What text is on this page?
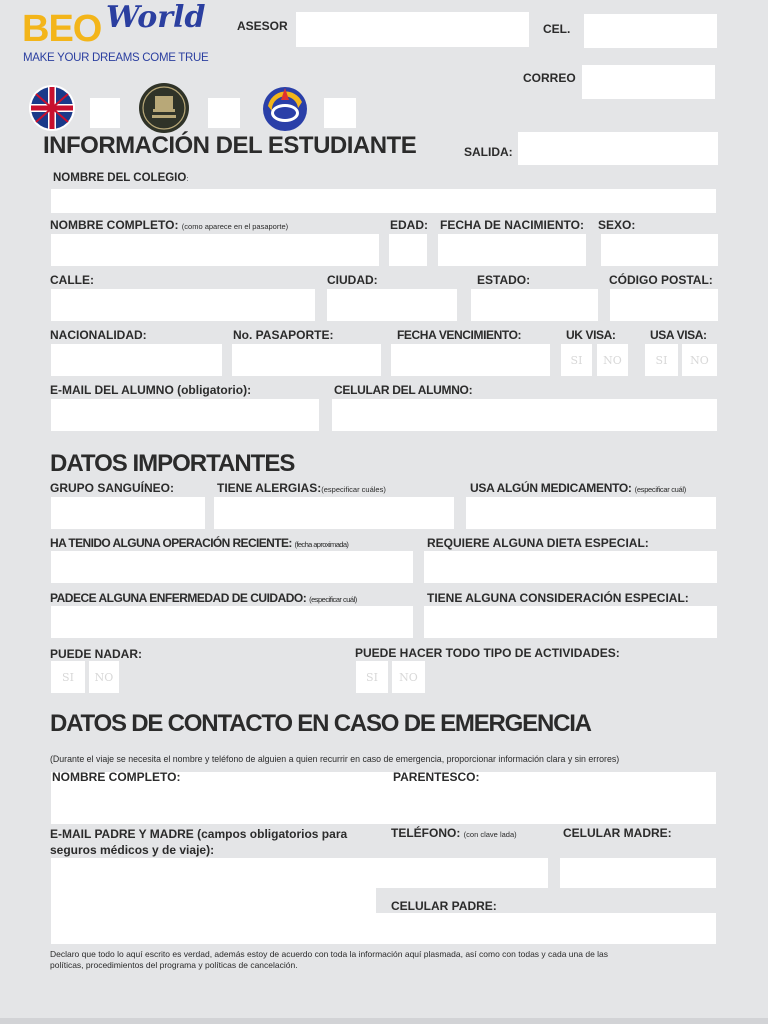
BEO World
MAKE YOUR DREAMS COME TRUE
ASESOR	CEL.
CORREO
INFORMACIÓN DEL ESTUDIANTE	SALIDA:
NOMBRE DEL COLEGIO:
NOMBRE COMPLETO: (como aparece en el pasaporte)	EDAD: FECHA DE NACIMIENTO: SEXO:
CALLE:	CIUDAD:	ESTADO:	CÓDIGO POSTAL:
NACIONALIDAD:	No. PASAPORTE:	FECHA VENCIMIENTO:	UK VISA:	USA VISA:
SI	NO	SI	NO
E-MAIL DEL ALUMNO (obligatorio):	CELULAR DEL ALUMNO:
DATOS IMPORTANTES
GRUPO SANGUÍNEO:	TIENE ALERGIAS:(especificar cuáles)	USA ALGÚN MEDICAMENTO: (especificar cuál)
HA TENIDO ALGUNA OPERACIÓN RECIENTE: (fecha aproximada)	REQUIERE ALGUNA DIETA ESPECIAL:
PADECE ALGUNA ENFERMEDAD DE CUIDADO: (especificar cuál)	TIENE ALGUNA CONSIDERACIÓN ESPECIAL:
PUEDE NADAR:	PUEDE HACER TODO TIPO DE ACTIVIDADES:
SI	NO	SI	NO
DATOS DE CONTACTO EN CASO DE EMERGENCIA
(Durante el viaje se necesita el nombre y teléfono de alguien a quien recurrir en caso de emergencia, proporcionar información clara y sin errores)
NOMBRE COMPLETO:	PARENTESCO:
E-MAIL PADRE Y MADRE (campos obligatorios para
seguros médicos y de viaje):
TELÉFONO: (con clave lada)	CELULAR MADRE:
CELULAR PADRE:
Declaro que todo lo aquí escrito es verdad, además estoy de acuerdo con toda la información aquí plasmada, así como con todas y cada una de las
políticas, procedimientos del programa y políticas de cancelación.
